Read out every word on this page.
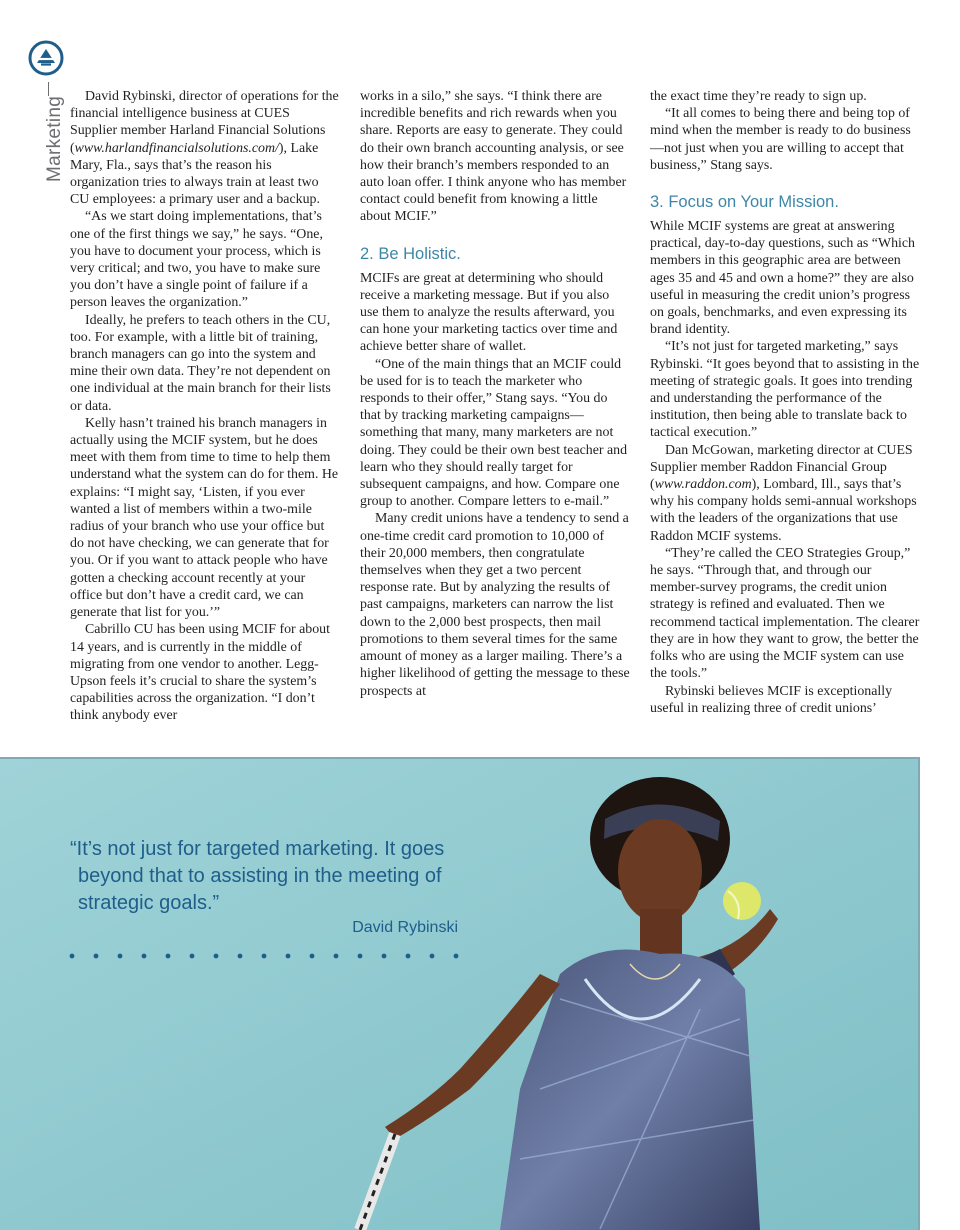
Marketing	David Rybinski, director of operations for the financial intelligence business at CUES Supplier member Harland Financial Solutions (www.harlandfinancialsolutions.com/), Lake Mary, Fla., says that’s the reason his organization tries to always train at least two CU employees: a primary user and a backup.

“As we start doing implementations, that’s one of the first things we say,” he says. “One, you have to document your process, which is very critical; and two, you have to make sure you don’t have a single point of failure if a person leaves the organization.”

Ideally, he prefers to teach others in the CU, too. For example, with a little bit of training, branch managers can go into the system and mine their own data. They’re not dependent on one individual at the main branch for their lists or data.

Kelly hasn’t trained his branch managers in actually using the MCIF system, but he does meet with them from time to time to help them understand what the system can do for them. He explains: “I might say, ‘Listen, if you ever wanted a list of members within a two-mile radius of your branch who use your office but do not have checking, we can generate that for you. Or if you want to attack people who have gotten a checking account recently at your office but don’t have a credit card, we can generate that list for you.’”

Cabrillo CU has been using MCIF for about 14 years, and is currently in the middle of migrating from one vendor to another. Legg-Upson feels it’s crucial to share the system’s capabilities across the organization. “I don’t think anybody ever

works in a silo,” she says. “I think there are incredible benefits and rich rewards when you share. Reports are easy to generate. They could do their own branch accounting analysis, or see how their branch’s members responded to an auto loan offer. I think anyone who has member contact could benefit from knowing a little about MCIF.”

2. Be Holistic.

MCIFs are great at determining who should receive a marketing message. But if you also use them to analyze the results afterward, you can hone your marketing tactics over time and achieve better share of wallet.

“One of the main things that an MCIF could be used for is to teach the marketer who responds to their offer,” Stang says. “You do that by tracking marketing campaigns—something that many, many marketers are not doing. They could be their own best teacher and learn who they should really target for subsequent campaigns, and how. Compare one group to another. Compare letters to e-mail.”

Many credit unions have a tendency to send a one-time credit card promotion to 10,000 of their 20,000 members, then congratulate themselves when they get a two percent response rate. But by analyzing the results of past campaigns, marketers can narrow the list down to the 2,000 best prospects, then mail promotions to them several times for the same amount of money as a larger mailing. There’s a higher likelihood of getting the message to these prospects at

the exact time they’re ready to sign up.

“It all comes to being there and being top of mind when the member is ready to do business—not just when you are willing to accept that business,” Stang says.

3. Focus on Your Mission.

While MCIF systems are great at answering practical, day-to-day questions, such as “Which members in this geographic area are between ages 35 and 45 and own a home?” they are also useful in measuring the credit union’s progress on goals, benchmarks, and even expressing its brand identity.

“It’s not just for targeted marketing,” says Rybinski. “It goes beyond that to assisting in the meeting of strategic goals. It goes into trending and understanding the performance of the institution, then being able to translate back to tactical execution.”

Dan McGowan, marketing director at CUES Supplier member Raddon Financial Group (www.raddon.com), Lombard, Ill., says that’s why his company holds semi-annual workshops with the leaders of the organizations that use Raddon MCIF systems.

“They’re called the CEO Strategies Group,” he says. “Through that, and through our member-survey programs, the credit union strategy is refined and evaluated. Then we recommend tactical implementation. The clearer they are in how they want to grow, the better the folks who are using the MCIF system can use the tools.”

Rybinski believes MCIF is exceptionally useful in realizing three of credit unions’

“It’s not just for targeted marketing. It goes beyond that to assisting in the meeting of strategic goals.”
David Rybinski
